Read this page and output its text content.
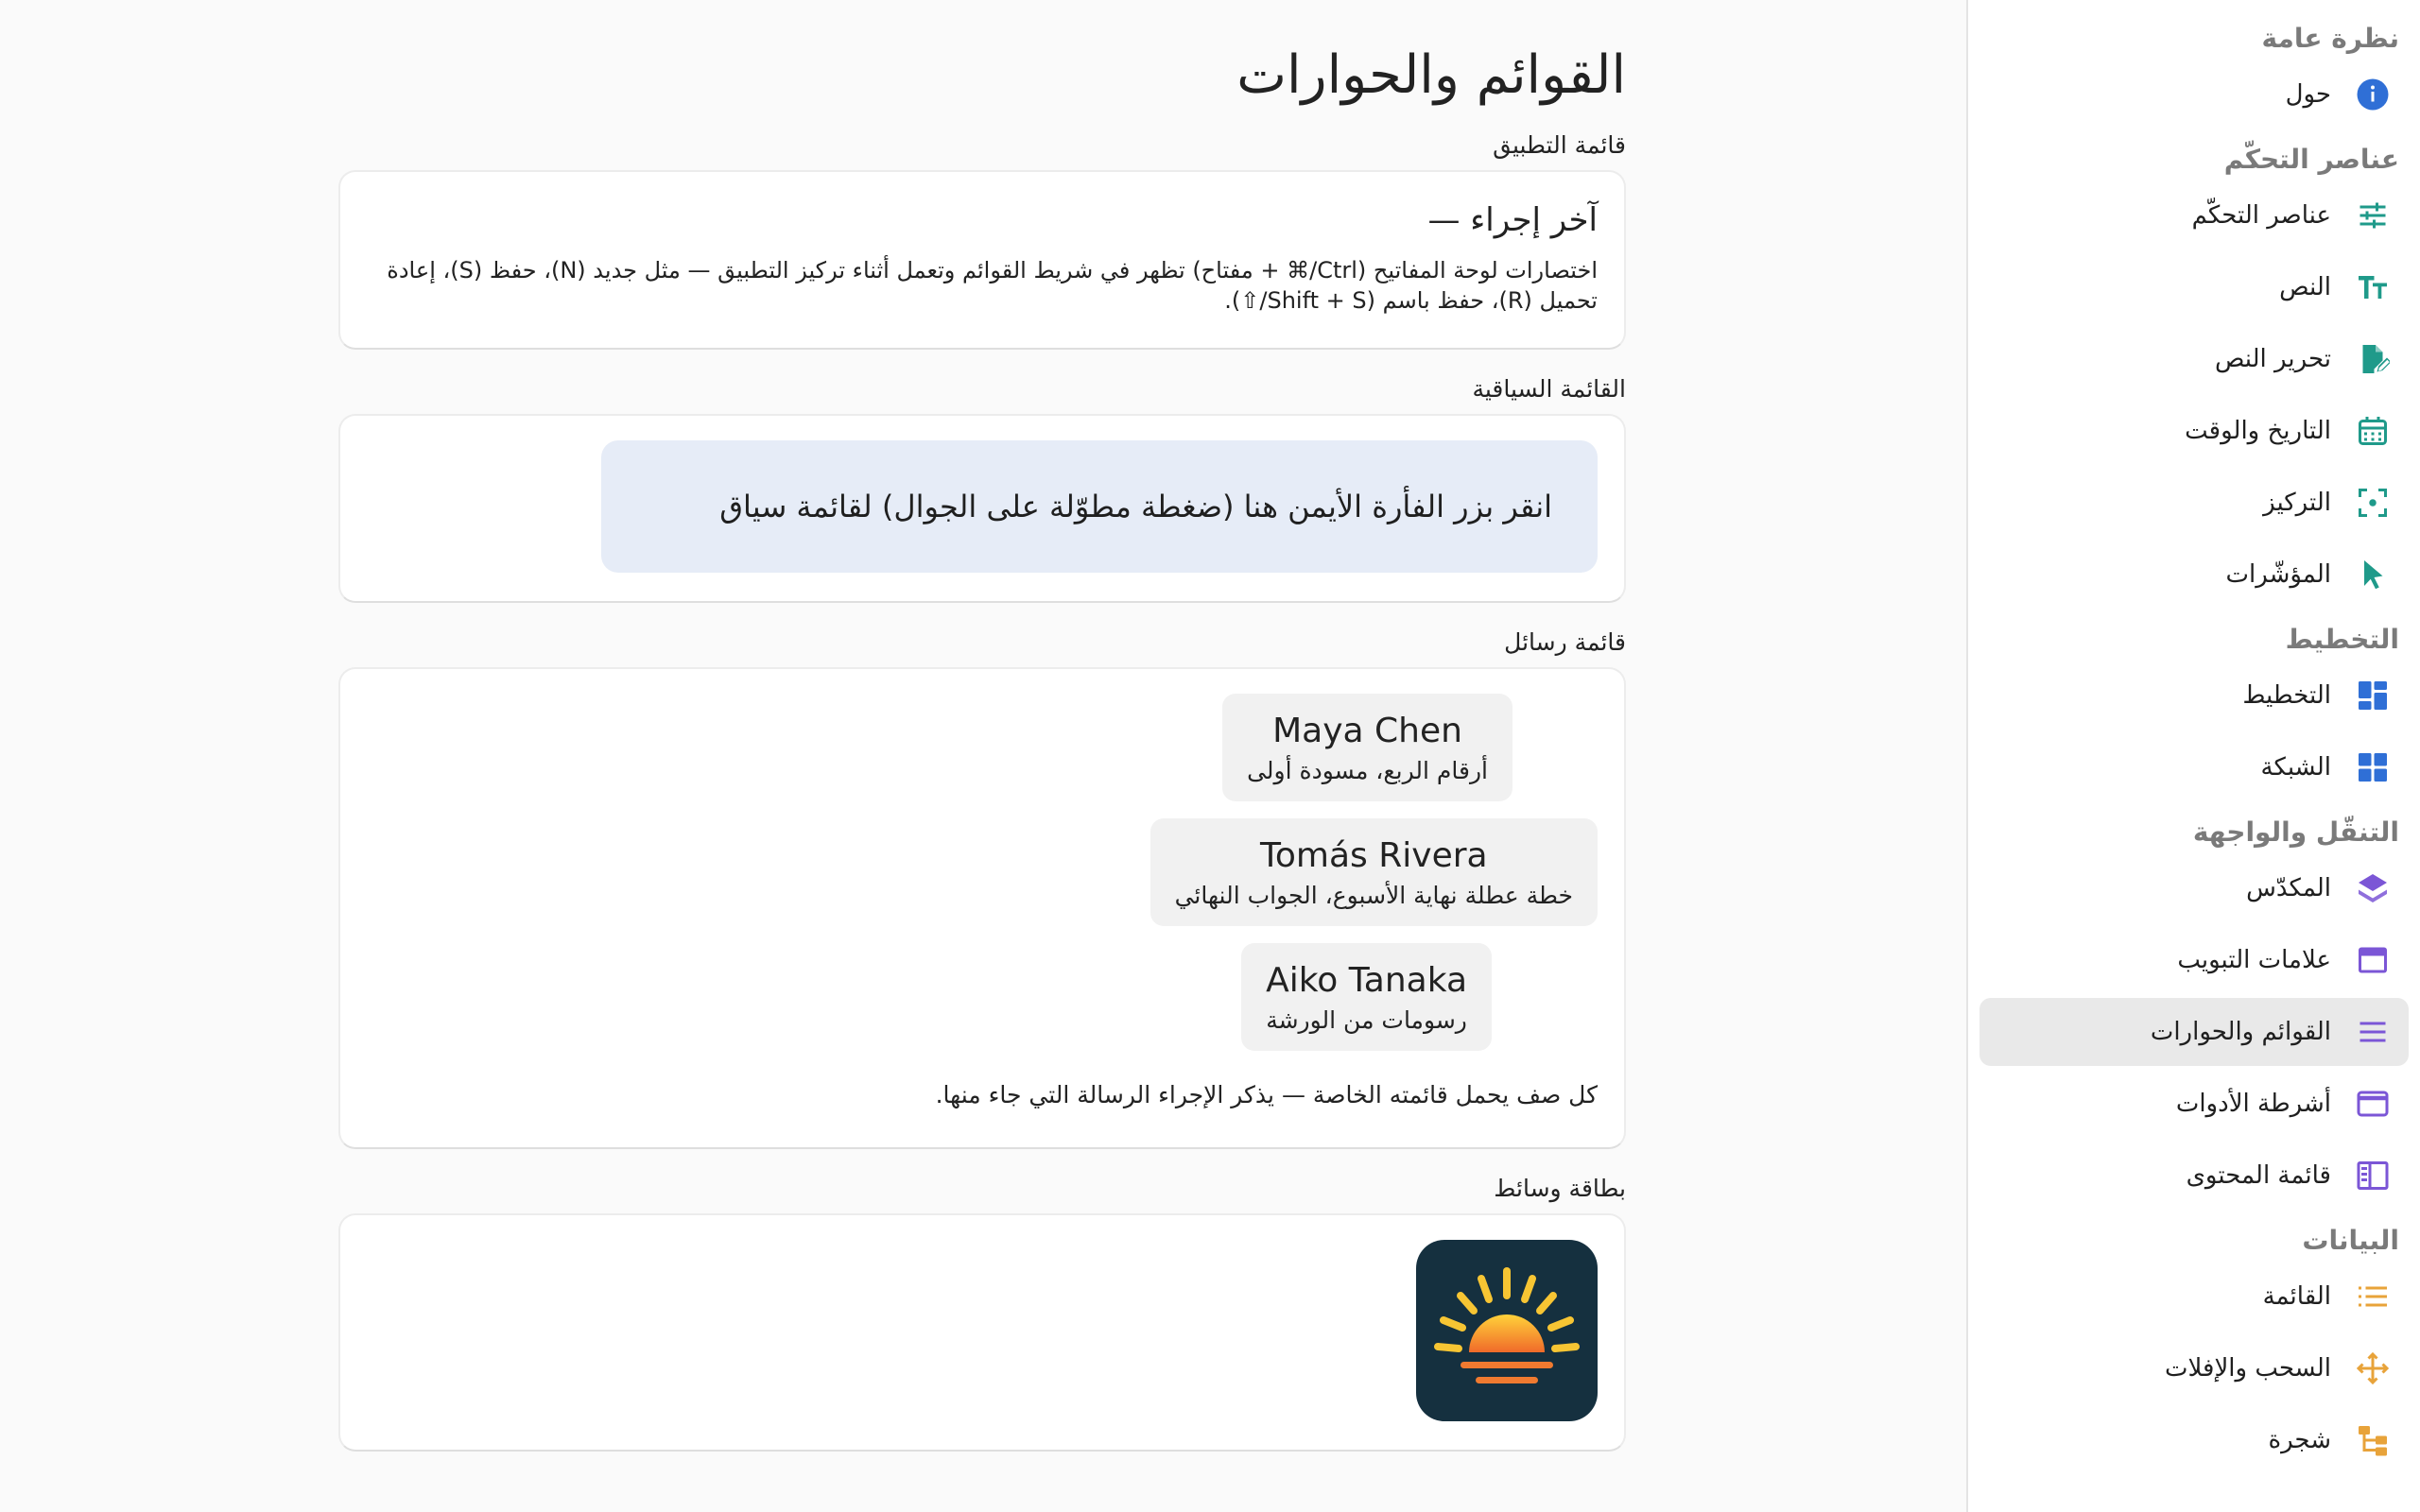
نظرة عامة
حول
عناصر التحكّم
عناصر التحكّم
النص
تحرير النص
التاريخ والوقت
التركيز
المؤشّرات
التخطيط
التخطيط
الشبكة
التنقّل والواجهة
المكدّس
علامات التبويب
القوائم والحوارات
أشرطة الأدوات
قائمة المحتوى
البيانات
القائمة
السحب والإفلات
شجرة
القوائم والحوارات
قائمة التطبيق
آخر إجراء —
اختصارات لوحة المفاتيح (Ctrl/⌘ + مفتاح) تظهر في شريط القوائم وتعمل أثناء تركيز التطبيق — مثل جديد (N)، حفظ (S)، إعادة تحميل (R)، حفظ باسم (Shift + S/⇧).
القائمة السياقية
انقر بزر الفأرة الأيمن هنا (ضغطة مطوّلة على الجوال) لقائمة سياق
قائمة رسائل
Maya Chen
أرقام الربع، مسودة أولى
Tomás Rivera
خطة عطلة نهاية الأسبوع، الجواب النهائي
Aiko Tanaka
رسومات من الورشة
كل صف يحمل قائمته الخاصة — يذكر الإجراء الرسالة التي جاء منها.
بطاقة وسائط
